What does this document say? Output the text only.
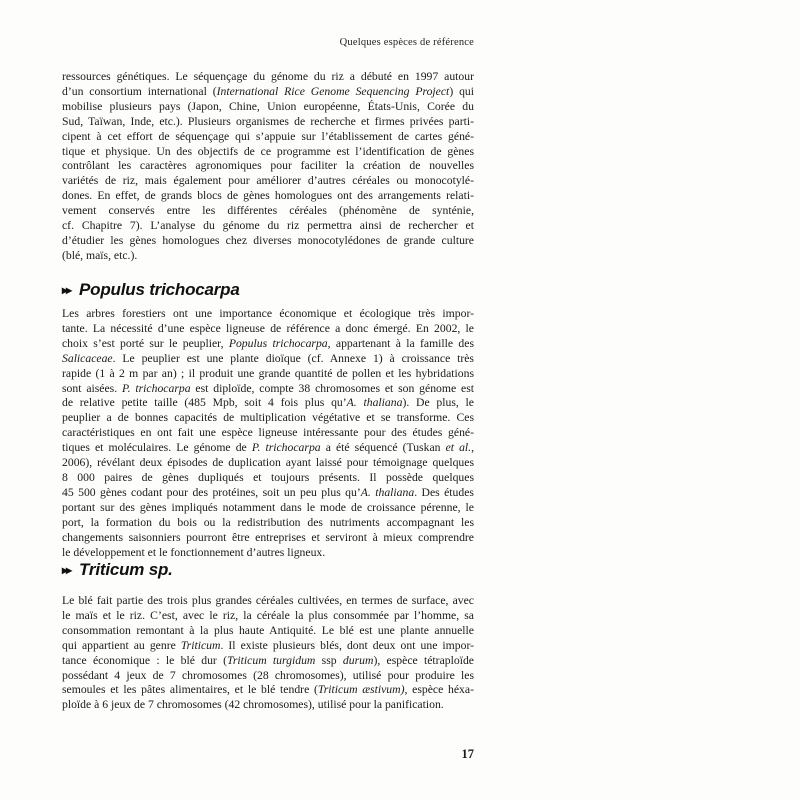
Quelques espèces de référence
ressources génétiques. Le séquençage du génome du riz a débuté en 1997 autour
d’un consortium international (International Rice Genome Sequencing Project) qui
mobilise plusieurs pays (Japon, Chine, Union européenne, États-Unis, Corée du
Sud, Taïwan, Inde, etc.). Plusieurs organismes de recherche et firmes privées parti-
cipent à cet effort de séquençage qui s’appuie sur l’établissement de cartes géné-
tique et physique. Un des objectifs de ce programme est l’identification de gènes
contrôlant les caractères agronomiques pour faciliter la création de nouvelles
variétés de riz, mais également pour améliorer d’autres céréales ou monocotylé-
dones. En effet, de grands blocs de gènes homologues ont des arrangements relati-
vement conservés entre les différentes céréales (phénomène de synténie,
cf. Chapitre 7). L’analyse du génome du riz permettra ainsi de rechercher et
d’étudier les gènes homologues chez diverses monocotylédones de grande culture
(blé, maïs, etc.).
▸▸ Populus trichocarpa
Les arbres forestiers ont une importance économique et écologique très impor-
tante. La nécessité d’une espèce ligneuse de référence a donc émergé. En 2002, le
choix s’est porté sur le peuplier, Populus trichocarpa, appartenant à la famille des
Salicaceae. Le peuplier est une plante dioïque (cf. Annexe 1) à croissance très
rapide (1 à 2 m par an) ; il produit une grande quantité de pollen et les hybridations
sont aisées. P. trichocarpa est diploïde, compte 38 chromosomes et son génome est
de relative petite taille (485 Mpb, soit 4 fois plus qu’A. thaliana). De plus, le
peuplier a de bonnes capacités de multiplication végétative et se transforme. Ces
caractéristiques en ont fait une espèce ligneuse intéressante pour des études géné-
tiques et moléculaires. Le génome de P. trichocarpa a été séquencé (Tuskan et al.,
2006), révélant deux épisodes de duplication ayant laissé pour témoignage quelques
8 000 paires de gènes dupliqués et toujours présents. Il possède quelques
45 500 gènes codant pour des protéines, soit un peu plus qu’A. thaliana. Des études
portant sur des gènes impliqués notamment dans le mode de croissance pérenne, le
port, la formation du bois ou la redistribution des nutriments accompagnant les
changements saisonniers pourront être entreprises et serviront à mieux comprendre
le développement et le fonctionnement d’autres ligneux.
▸▸ Triticum sp.
Le blé fait partie des trois plus grandes céréales cultivées, en termes de surface, avec
le maïs et le riz. C’est, avec le riz, la céréale la plus consommée par l’homme, sa
consommation remontant à la plus haute Antiquité. Le blé est une plante annuelle
qui appartient au genre Triticum. Il existe plusieurs blés, dont deux ont une impor-
tance économique : le blé dur (Triticum turgidum ssp durum), espèce tétraploïde
possédant 4 jeux de 7 chromosomes (28 chromosomes), utilisé pour produire les
semoules et les pâtes alimentaires, et le blé tendre (Triticum æstivum), espèce héxa-
ploïde à 6 jeux de 7 chromosomes (42 chromosomes), utilisé pour la panification.
17
